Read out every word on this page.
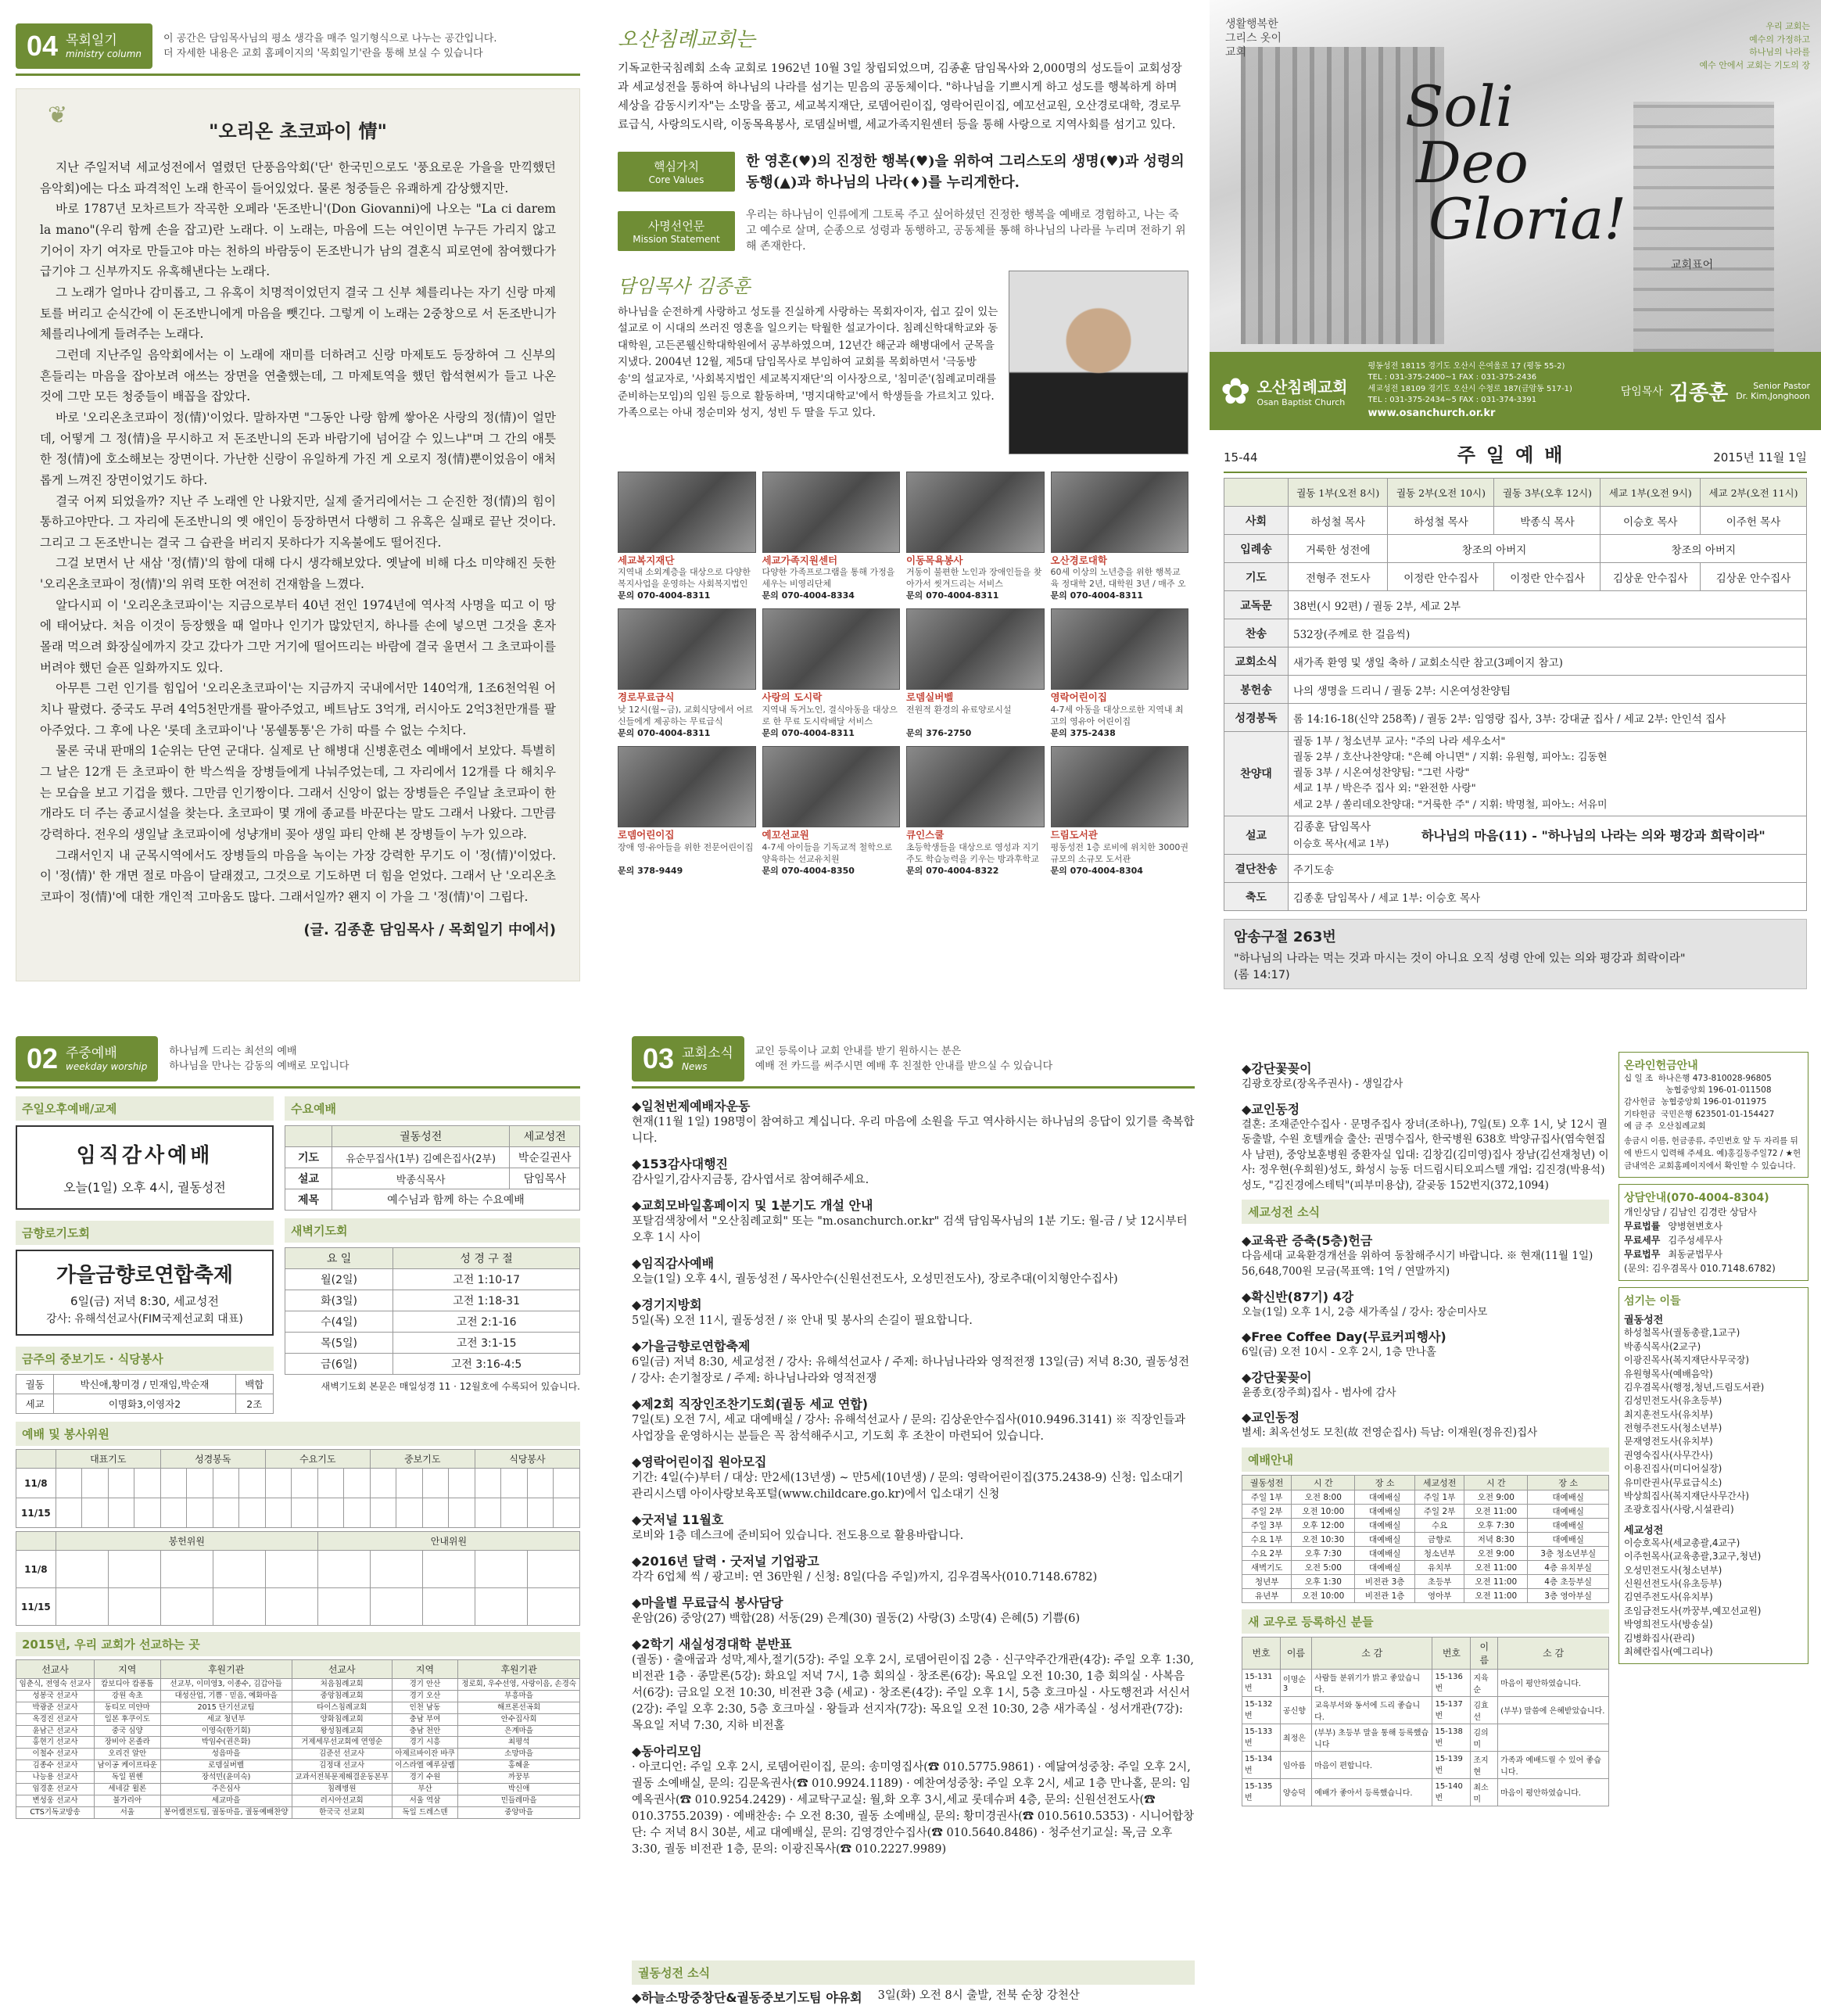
04 목회일기
ministry column
이 공간은 담임목사님의 평소 생각을 매주 일기형식으로 나누는 공간입니다.
더 자세한 내용은 교회 홈페이지의 '목회일기'란을 통해 보실 수 있습니다
❦
"오리온 초코파이 情"

지난 주일저녁 세교성전에서 열렸던 단풍음악회('단' 한국민으로도 '풍요로운 가을을 만끽했던 음악회)에는 다소 파격적인 노래 한곡이 들어있었다. 물론 청중들은 유쾌하게 감상했지만.

바로 1787년 모차르트가 작곡한 오페라 '돈조반니'(Don Giovanni)에 나오는 "La ci darem la mano"(우리 함께 손을 잡고)란 노래다. 이 노래는, 마음에 드는 여인이면 누구든 가리지 않고 기어이 자기 여자로 만들고야 마는 천하의 바람둥이 돈조반니가 남의 결혼식 피로연에 참여했다가 급기야 그 신부까지도 유혹해낸다는 노래다.

그 노래가 얼마나 감미롭고, 그 유혹이 치명적이었던지 결국 그 신부 체를리나는 자기 신랑 마제토를 버리고 순식간에 이 돈조반니에게 마음을 뺏긴다. 그렇게 이 노래는 2중창으로 서 돈조반니가 체를리나에게 들려주는 노래다.

그런데 지난주일 음악회에서는 이 노래에 재미를 더하려고 신랑 마제토도 등장하여 그 신부의 흔들리는 마음을 잡아보려 애쓰는 장면을 연출했는데, 그 마제토역을 했던 합석현씨가 들고 나온 것에 그만 모든 청중들이 배꼽을 잡았다.

바로 '오리온초코파이 정(情)'이었다. 말하자면 "그동안 나랑 함께 쌓아온 사랑의 정(情)이 얼만데, 어떻게 그 정(情)을 무시하고 저 돈조반니의 돈과 바람기에 넘어갈 수 있느냐"며 그 간의 애틋한 정(情)에 호소해보는 장면이다. 가난한 신랑이 유일하게 가진 게 오로지 정(情)뿐이었음이 애처롭게 느껴진 장면이었기도 하다.

결국 어찌 되었을까? 지난 주 노래엔 안 나왔지만, 실제 줄거리에서는 그 순진한 정(情)의 힘이 통하고야만다. 그 자리에 돈조반니의 옛 애인이 등장하면서 다행히 그 유혹은 실패로 끝난 것이다. 그리고 그 돈조반니는 결국 그 습관을 버리지 못하다가 지옥불에도 떨어진다.

그걸 보면서 난 새삼 '정(情)'의 함에 대해 다시 생각해보았다. 옛날에 비해 다소 미약해진 듯한 '오리온초코파이 정(情)'의 위력 또한 여전히 건재함을 느꼈다.

알다시피 이 '오리온초코파이'는 지금으로부터 40년 전인 1974년에 역사적 사명을 띠고 이 땅에 태어났다. 처음 이것이 등장했을 때 얼마나 인기가 많았던지, 하나를 손에 넣으면 그것을 혼자 몰래 먹으려 화장실에까지 갖고 갔다가 그만 거기에 떨어뜨리는 바람에 결국 울면서 그 초코파이를 버려야 했던 슬픈 일화까지도 있다.

아무튼 그런 인기를 힘입어 '오리온초코파이'는 지금까지 국내에서만 140억개, 1조6천억원 어치나 팔렸다. 중국도 무려 4억5천만개를 팔아주었고, 베트남도 3억개, 러시아도 2억3천만개를 팔아주었다. 그 후에 나온 '롯데 초코파이'나 '몽쉘통통'은 가히 따를 수 없는 수치다.

물론 국내 판매의 1순위는 단연 군대다. 실제로 난 해병대 신병훈련소 예배에서 보았다. 특별히 그 날은 12개 든 초코파이 한 박스씩을 장병들에게 나눠주었는데, 그 자리에서 12개를 다 해치우는 모습을 보고 기겁을 했다. 그만큼 인기짱이다. 그래서 신앙이 없는 장병들은 주일날 초코파이 한 개라도 더 주는 종교시설을 찾는다. 초코파이 몇 개에 종교를 바꾼다는 말도 그래서 나왔다. 그만큼 강력하다. 전우의 생일날 초코파이에 성냥개비 꽂아 생일 파티 안해 본 장병들이 누가 있으랴.

그래서인지 내 군목시역에서도 장병들의 마음을 녹이는 가장 강력한 무기도 이 '정(情)'이었다. 이 '정(情)' 한 개면 절로 마음이 달래졌고, 그것으로 기도하면 더 힘을 얻었다. 그래서 난 '오리온초코파이 정(情)'에 대한 개인적 고마움도 많다. 그래서일까? 왠지 이 가을 그 '정(情)'이 그립다.

(글. 김종훈 담임목사 / 목회일기 中에서)
오산침례교회는
기독교한국침례회 소속 교회로 1962년 10월 3일 창립되었으며, 김종훈 담임목사와 2,000명의 성도들이 교회성장과 세교성전을 통하여 하나님의 나라를 섬기는 믿음의 공동체이다. "하나님을 기쁘시게 하고 성도를 행복하게 하며 세상을 감동시키자"는 소망을 품고, 세교복지재단, 로뎀어린이집, 영락어린이집, 예꼬선교원, 오산경로대학, 경로무료급식, 사랑의도시락, 이동목욕봉사, 로뎀실버벨, 세교가족지원센터 등을 통해 사랑으로 지역사회를 섬기고 있다.
핵심가치
Core Values
한 영혼(♥)의 진정한 행복(♥)을 위하여 그리스도의 생명(♥)과 성령의 동행(▲)과 하나님의 나라(♦)를 누리게한다.
사명선언문
Mission Statement
우리는 하나님이 인류에게 그토록 주고 싶어하셨던 진정한 행복을 예배로 경험하고, 나는 죽고 예수로 살며, 순종으로 성령과 동행하고, 공동체를 통해 하나님의 나라를 누리며 전하기 위해 존재한다.
담임목사 김종훈
하나님을 순전하게 사랑하고 성도를 진실하게 사랑하는 목회자이자, 쉽고 깊이 있는 설교로 이 시대의 쓰러진 영혼을 일으키는 탁월한 설교가이다. 침례신학대학교와 동대학원, 고든콘웰신학대학원에서 공부하였으며, 12년간 해군과 해병대에서 군목을 지냈다. 2004년 12월, 제5대 담임목사로 부임하여 교회를 목회하면서 '극동방송'의 설교자로, '사회복지법인 세교복지재단'의 이사장으로, '침미준'(침례교미래를준비하는모임)의 임원 등으로 활동하며, '명지대학교'에서 학생들을 가르치고 있다. 가족으로는 아내 정순미와 성지, 성빈 두 딸을 두고 있다.
세교복지재단
지역내 소외계층을 대상으로 다양한 복지사업을 운영하는 사회복지법인
문의 070-4004-8311
세교가족지원센터
다양한 가족프로그램을 통해 가정을 세우는 비영리단체
문의 070-4004-8334
이동목욕봉사
거동이 불편한 노인과 장애인들을 찾아가서 씻겨드리는 서비스
문의 070-4004-8311
오산경로대학
60세 이상의 노년층을 위한 행복교육 정대학 2년, 대학원 3년 / 매주 오
문의 070-4004-8311
경로무료급식
낮 12시(월~금), 교회식당에서 어르신들에게 제공하는 무료급식
문의 070-4004-8311
사랑의 도시락
지역내 독거노인, 결식아동을 대상으로 한 무료 도시락배달 서비스
문의 070-4004-8311
로뎀실버벨
전원적 환경의 유료양로시설
문의 376-2750
영락어린이집
4-7세 아동을 대상으로한 지역내 최고의 영유아 어린이집
문의 375-2438
로뎀어린이집
장애 영·유아들을 위한 전문어린이집
문의 378-9449
예꼬선교원
4-7세 아이들을 기독교적 철학으로 양육하는 선교유치원
문의 070-4004-8350
큐인스쿨
초등학생들을 대상으로 영성과 지기 주도 학습능력을 키우는 방과후학교
문의 070-4004-8322
드림도서관
평동성전 1층 로비에 위치한 3000권 규모의 소규모 도서관
문의 070-4004-8304
생활행복한 그리스 옷이 교회
우리 교회는
예수의 가정하고
하나님의 나라를
예수 안에서 교회는 기도의 장
Soli
Deo
Gloria!
교회표어
✿ 오산침례교회
Osan Baptist Church
평동성전 18115 경기도 오산시 은여울로 17 (평동 55-2)
TEL : 031-375-2400~1 FAX : 031-375-2436
세교성전 18109 경기도 오산시 수청로 187(금암동 517-1)
TEL : 031-375-2434~5 FAX : 031-374-3391
www.osanchurch.or.kr
담임목사 김종훈	Senior Pastor
Dr. Kim,Jonghoon
15-44	주일예배	2015년 11월 1일
	궐동 1부(오전 8시)	궐동 2부(오전 10시)	궐동 3부(오후 12시)	세교 1부(오전 9시)	세교 2부(오전 11시)
사회	하성철 목사	하성철 목사	박종식 목사	이승호 목사	이주헌 목사
입례송	거룩한 성전에	창조의 아버지		창조의 아버지	
기도	전형주 전도사	이정란 안수집사	이정란 안수집사	김상운 안수집사	김상운 안수집사
교독문	38번(시 92편) / 궐동 2부, 세교 2부				
찬송	532장(주께로 한 걸음씩)				
교회소식	새가족 환영 및 생일 축하 / 교회소식란 참고(3페이지 참고)				
봉헌송	나의 생명을 드리니 / 궐동 2부: 시온여성찬양팀				
성경봉독	롬 14:16-18(신약 258쪽) / 궐동 2부: 임영랑 집사, 3부: 강대균 집사 / 세교 2부: 안인석 집사				
찬양대	궐동 1부 / 청소년부 교사: "주의 나라 세우소서"
궐동 2부 / 호산나찬양대: "은혜 아니면" / 지휘: 유원형, 피아노: 김동현
궐동 3부 / 시온여성찬양팀: "그런 사랑"
세교 1부 / 박은주 집사 외: "완전한 사랑"
세교 2부 / 쏠리데오찬양대: "거룩한 주" / 지휘: 박명철, 피아노: 서유미				

설교	김종훈 담임목사
이승호 목사(세교 1부)
하나님의 마음(11) - "하나님의 나라는 의와 평강과 희락이라"				

결단찬송	주기도송				
축도	김종훈 담임목사 / 세교 1부: 이승호 목사				
암송구절 263번
"하나님의 나라는 먹는 것과 마시는 것이 아니요 오직 성령 안에 있는 의와 평강과 희락이라"
(롬 14:17)
02 주중예배
weekday worship
하나님께 드리는 최선의 예배
하나님을 만나는 감동의 예배로 모입니다
주일오후예배/교제
임직감사예배
오늘(1일) 오후 4시, 궐동성전
금향로기도회
가을금향로연합축제
6일(금) 저녁 8:30, 세교성전
강사: 유해석선교사(FIM국제선교회 대표)
금주의 중보기도 · 식당봉사
궐동	박신애,황미경 / 민재임,박순재	백합
세교	이명화3,이영자2	2조
수요예배
	궐동성전	세교성전
기도	유순무집사(1부) 김예은집사(2부)	박순길권사
설교	박종식목사	담임목사
제목	예수님과 함께 하는 수요예배	
새벽기도회
요 일	성 경 구 절
월(2일)	고전 1:10-17
화(3일)	고전 1:18-31
수(4일)	고전 2:1-16
목(5일)	고전 3:1-15
금(6일)	고전 3:16-4:5
새벽기도회 본문은 매일성경 11 · 12월호에 수록되어 있습니다.
예배 및 봉사위원
	대표기도				성경봉독				수요기도				중보기도				식당봉사			
11/8																				
11/15																				
	봉헌위원					안내위원				
11/8										
11/15										
2015년, 우리 교회가 선교하는 곳
선교사	지역	후원기관	선교사	지역	후원기관
임춘식, 전영숙 선교사	캄보디아 캄퐁톰	선교부, 이미영3, 이종수, 김갑아들	처음침례교회	경기 안산	정로회, 우수선영, 사랑이음, 손경숙
성봉국 선교사	강원 속초	대성산업, 기쁨 · 믿음, 예화마을	중앙침례교회	경기 오산	부흥마을
박광준 선교사	동티모 미얀마	2015 단기선교팀	타이스침례교회	인천 남동	해프론선곡회
옥경진 선교사	일본 후쿠이도	세교 청년부	양화침례교회	충남 부여	안수집사회
윤남근 선교사	중국 심양	이영숙(한기회)	왕성침례교회	충남 천안	은계마을
홍현기 선교사	장비아 몬졸라	박임수(권은화)	거제세무선교회에 연영순	경기 시흥	최평석
이철수 선교사	오리건 알안	성음마을	김준선 선교사	아제르바이잔 바쿠	소망마을
김종수 선교사	남이공 케이프타운	로뎀실버벨	김정대 선교사	이스라엘 예루살렘	홍혜윤
나능용 선교사	독일 뮌헨	장석민(윤미숙)	교과서전북문제해결운동본부	경기 수원	까꿍부
임경훈 선교사	세네갈 윌론	주은심사	침례병원	부산	박신애
변성웅 선교사	불가리아	세교마을	러시아선교회	서울 역삼	민들레마을
CTS기독교방송	서울	봉어캠전도팀, 궐동마을, 궐동예배찬양	한국국 선교회	독일 드레스덴	중앙마을
03 교회소식
News
교인 등록이나 교회 안내를 받기 원하시는 분은
예배 전 카드를 써주시면 예배 후 친절한 안내를 받으실 수 있습니다
◆일천번제예배자운동
현재(11월 1일) 198명이 참여하고 계십니다. 우리 마음에 소원을 두고 역사하시는 하나님의 응답이 있기를 축복합니다.
◆153감사대행진
감사일기,감사지금통, 감사엽서로 참여해주세요.
◆교회모바일홈페이지 및 1분기도 개설 안내
포탈검색창에서 "오산침례교회" 또는 "m.osanchurch.or.kr" 검색 담임목사님의 1분 기도: 월-금 / 낮 12시부터 오후 1시 사이
◆임직감사예배
오늘(1일) 오후 4시, 궐동성전 / 목사안수(신원선전도사, 오성민전도사), 장로추대(이치형안수집사)
◆경기지방회
5일(목) 오전 11시, 궐동성전 / ※ 안내 및 봉사의 손길이 필요합니다.
◆가을금향로연합축제
6일(금) 저녁 8:30, 세교성전 / 강사: 유해석선교사 / 주제: 하나님나라와 영적전쟁 13일(금) 저녁 8:30, 궐동성전 / 강사: 손기철장로 / 주제: 하나님나라와 영적전쟁
◆제2회 직장인조찬기도회(궐동 세교 연합)
7일(토) 오전 7시, 세교 대예배실 / 강사: 유해석선교사 / 문의: 김상운안수집사(010.9496.3141) ※ 직장인들과 사업장을 운영하시는 분들은 꼭 참석해주시고, 기도회 후 조찬이 마련되어 있습니다.
◆영락어린이집 원아모집
기간: 4일(수)부터 / 대상: 만2세(13년생) ~ 만5세(10년생) / 문의: 영락어린이집(375.2438-9) 신청: 입소대기 관리시스템 아이사랑보육포털(www.childcare.go.kr)에서 입소대기 신청
◆굿저널 11월호
로비와 1층 데스크에 준비되어 있습니다. 전도용으로 활용바랍니다.
◆2016년 달력 · 굿저널 기업광고
각각 6업체 씩 / 광고비: 연 36만원 / 신청: 8일(다음 주일)까지, 김우겸목사(010.7148.6782)
◆마을별 무료급식 봉사담당
운암(26) 중앙(27) 백합(28) 서동(29) 은계(30) 궐동(2) 사랑(3) 소망(4) 은혜(5) 기쁨(6)
◆2학기 새실성경대학 분반표
(궐동) · 출애굽과 성막,제사,절기(5강): 주일 오후 2시, 로뎀어린이집 2층 · 신구약주간개관(4강): 주일 오후 1:30, 비전관 1층 · 종말론(5강): 화요일 저녁 7시, 1층 회의실 · 창조론(6강): 목요일 오전 10:30, 1층 회의실 · 사복음서(6강): 금요일 오전 10:30, 비전관 3층 (세교) · 창조론(4강): 주일 오후 1시, 5층 호크마실 · 사도행전과 서신서(2강): 주일 오후 2:30, 5층 호크마실 · 왕들과 선지자(7강): 목요일 오전 10:30, 2층 새가족실 · 성서개관(7강): 목요일 저녁 7:30, 지하 비전홀
◆동아리모임
· 아코디언: 주일 오후 2시, 로뎀어린이집, 문의: 송미영집사(☎ 010.5775.9861) · 예닮여성중창: 주일 오후 2시, 궐동 소예배실, 문의: 김문옥권사(☎ 010.9924.1189) · 예찬여성중창: 주일 오후 2시, 세교 1층 만나홀, 문의: 임예옥권사(☎ 010.9254.2429) · 세교탁구교실: 월,화 오후 3시,세교 롯데슈퍼 4층, 문의: 신원선전도사(☎ 010.3755.2039) · 예배찬송: 수 오전 8:30, 궐동 소예배실, 문의: 황미경권사(☎ 010.5610.5353) · 시니어합창단: 수 저녁 8시 30분, 세교 대예배실, 문의: 김영경안수집사(☎ 010.5640.8486) · 청주선기교실: 목,금 오후 3:30, 궐동 비전관 1층, 문의: 이광진목사(☎ 010.2227.9989)
궐동성전 소식
◆하늘소망중창단&궐동중보기도팀 야유회 3일(화) 오전 8시 출발, 전북 순창 강천산
◆강단꽃꽂이
김광호장로(장옥주권사) - 생일감사
◆교인동정
결혼: 조재준안수집사 · 문명주집사 장녀(조하나), 7일(토) 오후 1시, 낮 12시 궐동출발, 수원 호텔캐슬 출산: 권명수집사, 한국병원 638호 박양규집사(염숙현집사 남편), 중앙보훈병원 중환자실 입대: 김창김(김미영)집사 장남(김선재청년) 이사: 정우현(우희원)성도, 화성시 능동 더드림시티오피스텔 개업: 김진경(박용석)성도, "김진경에스테틱"(피부미용샵), 갈곶동 152번지(372,1094)
세교성전 소식
◆교육관 증축(5층)헌금
다음세대 교육환경개선을 위하여 동참해주시기 바랍니다. ※ 현재(11월 1일) 56,648,700원 모금(목표액: 1억 / 연말까지)
◆확신반(87기) 4강
오늘(1일) 오후 1시, 2층 새가족실 / 강사: 장순미사모
◆Free Coffee Day(무료커피행사)
6일(금) 오전 10시 - 오후 2시, 1층 만나홀
◆강단꽃꽂이
윤종호(장주희)집사 - 범사에 감사
◆교인동정
별세: 최옥선성도 모친(故 전영순집사) 득남: 이재원(정유진)집사
예배안내
궐동성전	시 간	장 소	세교성전	시 간	장 소
주일 1부	오전 8:00	대예배실	주일 1부	오전 9:00	대예배실
주일 2부	오전 10:00	대예배실	주일 2부	오전 11:00	대예배실
주일 3부	오후 12:00	대예배실	수요	오후 7:30	대예배실
수요 1부	오전 10:30	대예배실	금향로	저녁 8:30	대예배실
수요 2부	오후 7:30	대예배실	청소년부	오전 9:00	3층 청소년부실
새벽기도	오전 5:00	대예배실	유치부	오전 11:00	4층 유치부실
청년부	오후 1:30	비전관 3층	초등부	오전 11:00	4층 초등부실
유년부	오전 10:00	비전관 1층	영아부	오전 11:00	3층 영아부실
새 교우로 등록하신 분들
번호	이름	소 감	번호	이름	소 감
15-131번	이명순3	사람들 분위기가 밝고 좋았습니다.	15-136번	지육순	마음이 평안하였습니다.
15-132번	공신향	교육부서와 동서에 드리 좋습니다.	15-137번	김효선	(부부) 말씀에 은혜받았습니다.
15-133번	최정은	(부부) 초등부 말을 통해 등록했습니다	15-138번	김의미	
15-134번	임아름	마음이 편합니다.	15-139번	조지현	가족과 예배드릴 수 있어 좋습니다.
15-135번	양승덕	예배가 좋아서 등록했습니다.	15-140번	최소미	마음이 평안하였습니다.
온라인헌금안내
십 일 조  하나은행 473-810028-96805
농협중앙회 196-01-011508
감사헌금  농협중앙회 196-01-011975
기타헌금  국민은행 623501-01-154427
예 금 주  오산침례교회
송금시 이름, 헌금종류, 주민번호 앞 두 자리를 뒤에 반드시 입력해 주세요. 예)홍길동주일72 / ★헌금내역은 교회홈페이지에서 확인할 수 있습니다.
상담안내(070-4004-8304)
개인상담 / 김남인 김경란 상담사
무료법률 양병현변호사
무료세무 김주성세무사
무료법무 최동균법무사
(문의: 김우겸목사 010.7148.6782)
섬기는 이들
궐동성전
하성철목사(궐동총괄,1교구)
박종식목사(2교구)
이광진목사(복지재단사무국장)
유원형목사(예배음악)
김우겸목사(행정,청년,드림도서관)
김성민전도사(유초등부)
최지훈전도사(유치부)
전형주전도사(청소년부)
문재영전도사(유치부)
권영숙집사(사무간사)
이용진집사(미디어실장)
유미란권사(무료급식소)
박상희집사(복지재단사무간사)
조광호집사(사랑,시설관리)
세교성전
이승호목사(세교총괄,4교구)
이주헌목사(교육총괄,3교구,청년)
오성민전도사(청소년부)
신원선전도사(유초등부)
김연주전도사(유치부)
조임금전도사(까꿍부,예꼬선교원)
박영희전도사(방송실)
김병화집사(관리)
최혜란집사(예그리나)
